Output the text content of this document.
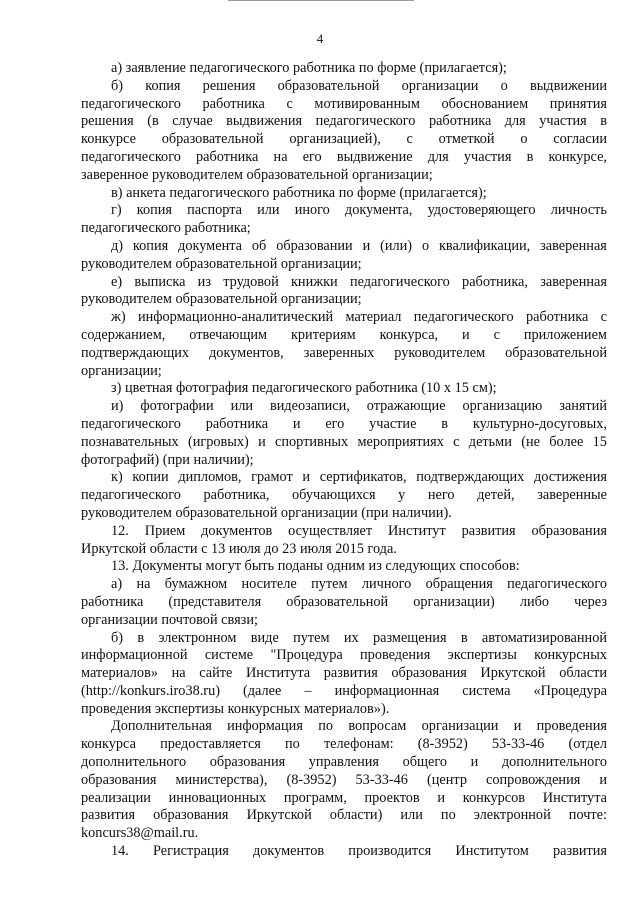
4
а) заявление педагогического работника по форме (прилагается);
б) копия решения образовательной организации о выдвижении
педагогического работника с мотивированным обоснованием принятия
решения (в случае выдвижения педагогического работника для участия в
конкурсе образовательной организацией), с отметкой о согласии
педагогического работника на его выдвижение для участия в конкурсе,
заверенное руководителем образовательной организации;
в) анкета педагогического работника по форме (прилагается);
г) копия паспорта или иного документа, удостоверяющего личность
педагогического работника;
д) копия документа об образовании и (или) о квалификации, заверенная
руководителем образовательной организации;
е) выписка из трудовой книжки педагогического работника, заверенная
руководителем образовательной организации;
ж) информационно-аналитический материал педагогического работника с
содержанием, отвечающим критериям конкурса, и с приложением
подтверждающих документов, заверенных руководителем образовательной
организации;
з) цветная фотография педагогического работника (10 х 15 см);
и) фотографии или видеозаписи, отражающие организацию занятий
педагогического работника и его участие в культурно-досуговых,
познавательных (игровых) и спортивных мероприятиях с детьми (не более 15
фотографий) (при наличии);
к) копии дипломов, грамот и сертификатов, подтверждающих достижения
педагогического работника, обучающихся у него детей, заверенные
руководителем образовательной организации (при наличии).
12. Прием документов осуществляет Институт развития образования
Иркутской области с 13 июля до 23 июля 2015 года.
13. Документы могут быть поданы одним из следующих способов:
а) на бумажном носителе путем личного обращения педагогического
работника (представителя образовательной организации) либо через
организации почтовой связи;
б) в электронном виде путем их размещения в автоматизированной
информационной системе "Процедура проведения экспертизы конкурсных
материалов» на сайте Института развития образования Иркутской области
(http://konkurs.iro38.ru) (далее – информационная система «Процедура
проведения экспертизы конкурсных материалов»).
Дополнительная информация по вопросам организации и проведения
конкурса предоставляется по телефонам: (8-3952) 53-33-46 (отдел
дополнительного образования управления общего и дополнительного
образования министерства), (8-3952) 53-33-46 (центр сопровождения и
реализации инновационных программ, проектов и конкурсов Института
развития образования Иркутской области) или по электронной почте:
koncurs38@mail.ru.
14. Регистрация документов производится Институтом развития
